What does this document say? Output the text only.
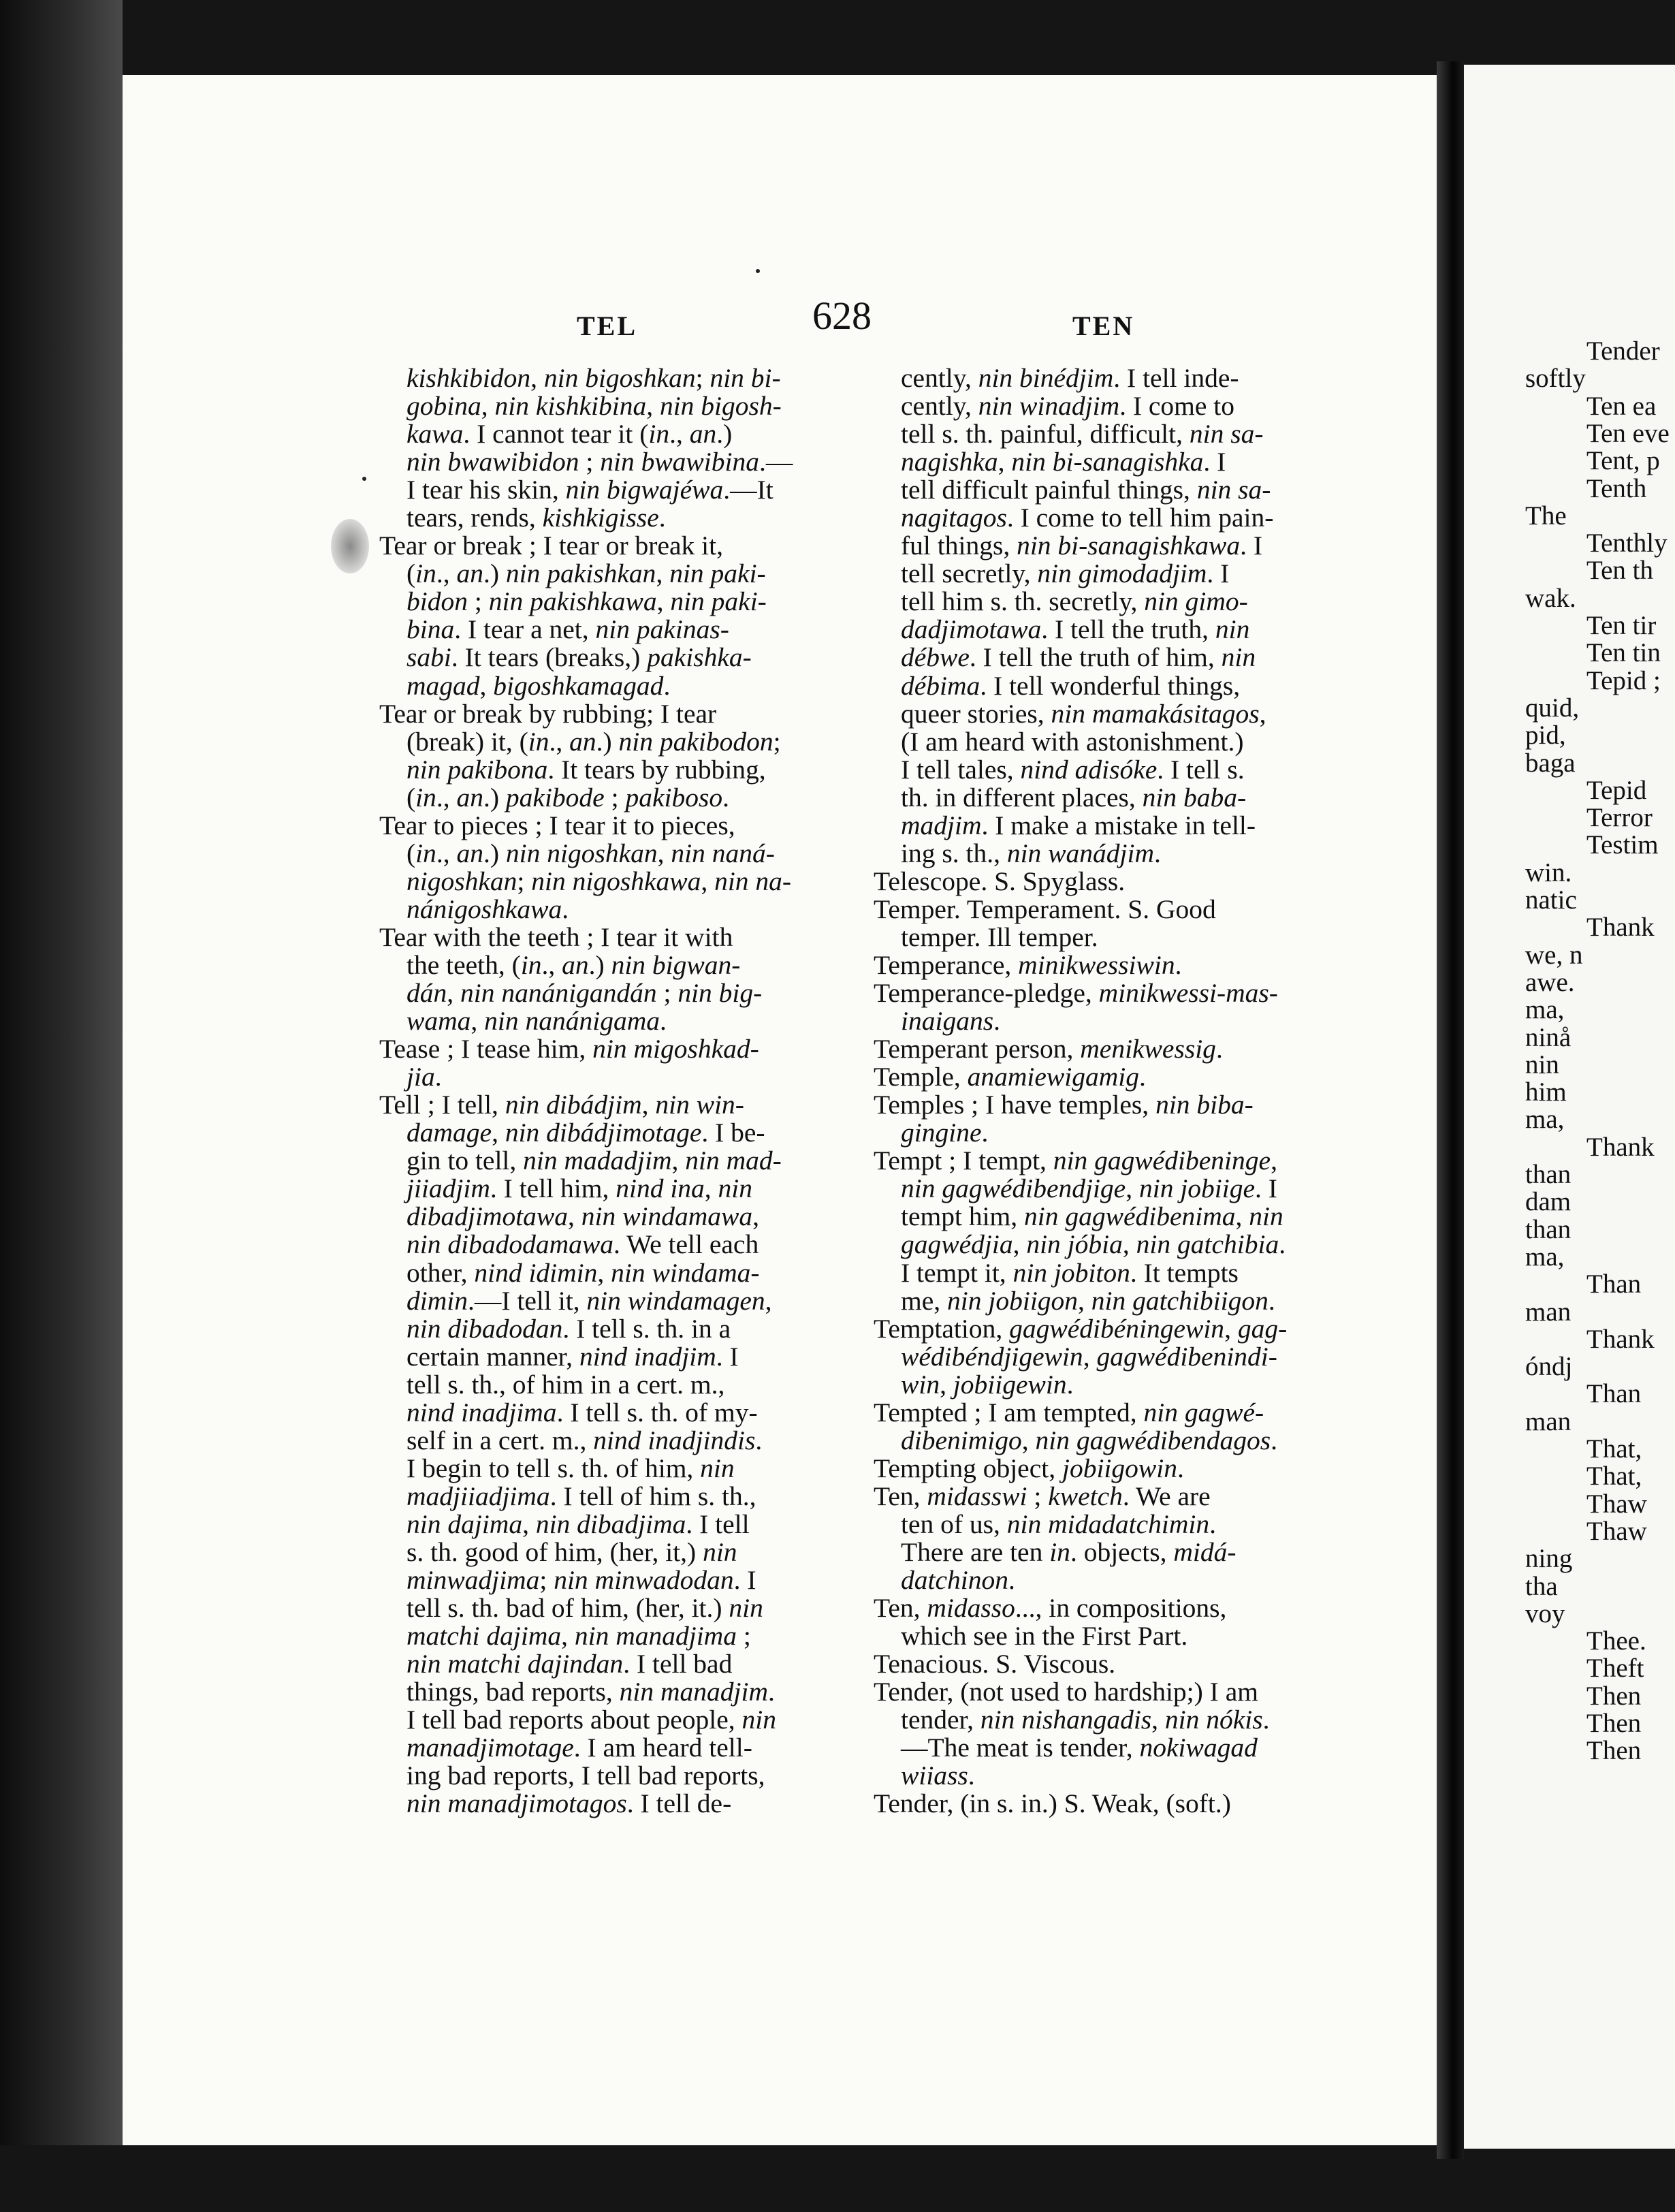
TEL	628	TEN
kishkibidon, nin bigoshkan; nin bi-
gobina, nin kishkibina, nin bigosh-
kawa. I cannot tear it (in., an.)
nin bwawibidon ; nin bwawibina.—
I tear his skin, nin bigwajéwa.—It
tears, rends, kishkigisse.
Tear or break ; I tear or break it,
(in., an.) nin pakishkan, nin paki-
bidon ; nin pakishkawa, nin paki-
bina. I tear a net, nin pakinas-
sabi. It tears (breaks,) pakishka-
magad, bigoshkamagad.
Tear or break by rubbing; I tear
(break) it, (in., an.) nin pakibodon;
nin pakibona. It tears by rubbing,
(in., an.) pakibode ; pakiboso.
Tear to pieces ; I tear it to pieces,
(in., an.) nin nigoshkan, nin naná-
nigoshkan; nin nigoshkawa, nin na-
nánigoshkawa.
Tear with the teeth ; I tear it with
the teeth, (in., an.) nin bigwan-
dán, nin nanánigandán ; nin big-
wama, nin nanánigama.
Tease ; I tease him, nin migoshkad-
jia.
Tell ; I tell, nin dibádjim, nin win-
damage, nin dibádjimotage. I be-
gin to tell, nin madadjim, nin mad-
jiiadjim. I tell him, nind ina, nin
dibadjimotawa, nin windamawa,
nin dibadodamawa. We tell each
other, nind idimin, nin windama-
dimin.—I tell it, nin windamagen,
nin dibadodan. I tell s. th. in a
certain manner, nind inadjim. I
tell s. th., of him in a cert. m.,
nind inadjima. I tell s. th. of my-
self in a cert. m., nind inadjindis.
I begin to tell s. th. of him, nin
madjiiadjima. I tell of him s. th.,
nin dajima, nin dibadjima. I tell
s. th. good of him, (her, it,) nin
minwadjima; nin minwadodan. I
tell s. th. bad of him, (her, it.) nin
matchi dajima, nin manadjima ;
nin matchi dajindan. I tell bad
things, bad reports, nin manadjim.
I tell bad reports about people, nin
manadjimotage. I am heard tell-
ing bad reports, I tell bad reports,
nin manadjimotagos. I tell de-
cently, nin binédjim. I tell inde-
cently, nin winadjim. I come to
tell s. th. painful, difficult, nin sa-
nagishka, nin bi-sanagishka. I
tell difficult painful things, nin sa-
nagitagos. I come to tell him pain-
ful things, nin bi-sanagishkawa. I
tell secretly, nin gimodadjim. I
tell him s. th. secretly, nin gimo-
dadjimotawa. I tell the truth, nin
débwe. I tell the truth of him, nin
débima. I tell wonderful things,
queer stories, nin mamakásitagos,
(I am heard with astonishment.)
I tell tales, nind adisóke. I tell s.
th. in different places, nin baba-
madjim. I make a mistake in tell-
ing s. th., nin wanádjim.
Telescope. S. Spyglass.
Temper. Temperament. S. Good
temper. Ill temper.
Temperance, minikwessiwin.
Temperance-pledge, minikwessi-mas-
inaigans.
Temperant person, menikwessig.
Temple, anamiewigamig.
Temples ; I have temples, nin biba-
gingine.
Tempt ; I tempt, nin gagwédibeninge,
nin gagwédibendjige, nin jobiige. I
tempt him, nin gagwédibenima, nin
gagwédjia, nin jóbia, nin gatchibia.
I tempt it, nin jobiton. It tempts
me, nin jobiigon, nin gatchibiigon.
Temptation, gagwédibéningewin, gag-
wédibéndjigewin, gagwédibenindi-
win, jobiigewin.
Tempted ; I am tempted, nin gagwé-
dibenimigo, nin gagwédibendagos.
Tempting object, jobiigowin.
Ten, midasswi ; kwetch. We are
ten of us, nin midadatchimin.
There are ten in. objects, midá-
datchinon.
Ten, midasso..., in compositions,
which see in the First Part.
Tenacious. S. Viscous.
Tender, (not used to hardship;) I am
tender, nin nishangadis, nin nókis.
—The meat is tender, nokiwagad
wiiass.
Tender, (in s. in.) S. Weak, (soft.)
Tender
softly
Ten ea
Ten eve
Tent, p
Tenth
The
Tenthly
Ten th
wak.
Ten tir
Ten tin
Tepid ;
quid,
pid,
baga
Tepid
Terror
Testim
win.
natic
Thank
we, n
awe.
ma,
ninå
nin
him
ma,
Thank
than
dam
than
ma,
Than
man
Thank
óndj
Than
man
That,
That,
Thaw
Thaw
ning
tha
voy
Thee.
Theft
Then
Then
Then
